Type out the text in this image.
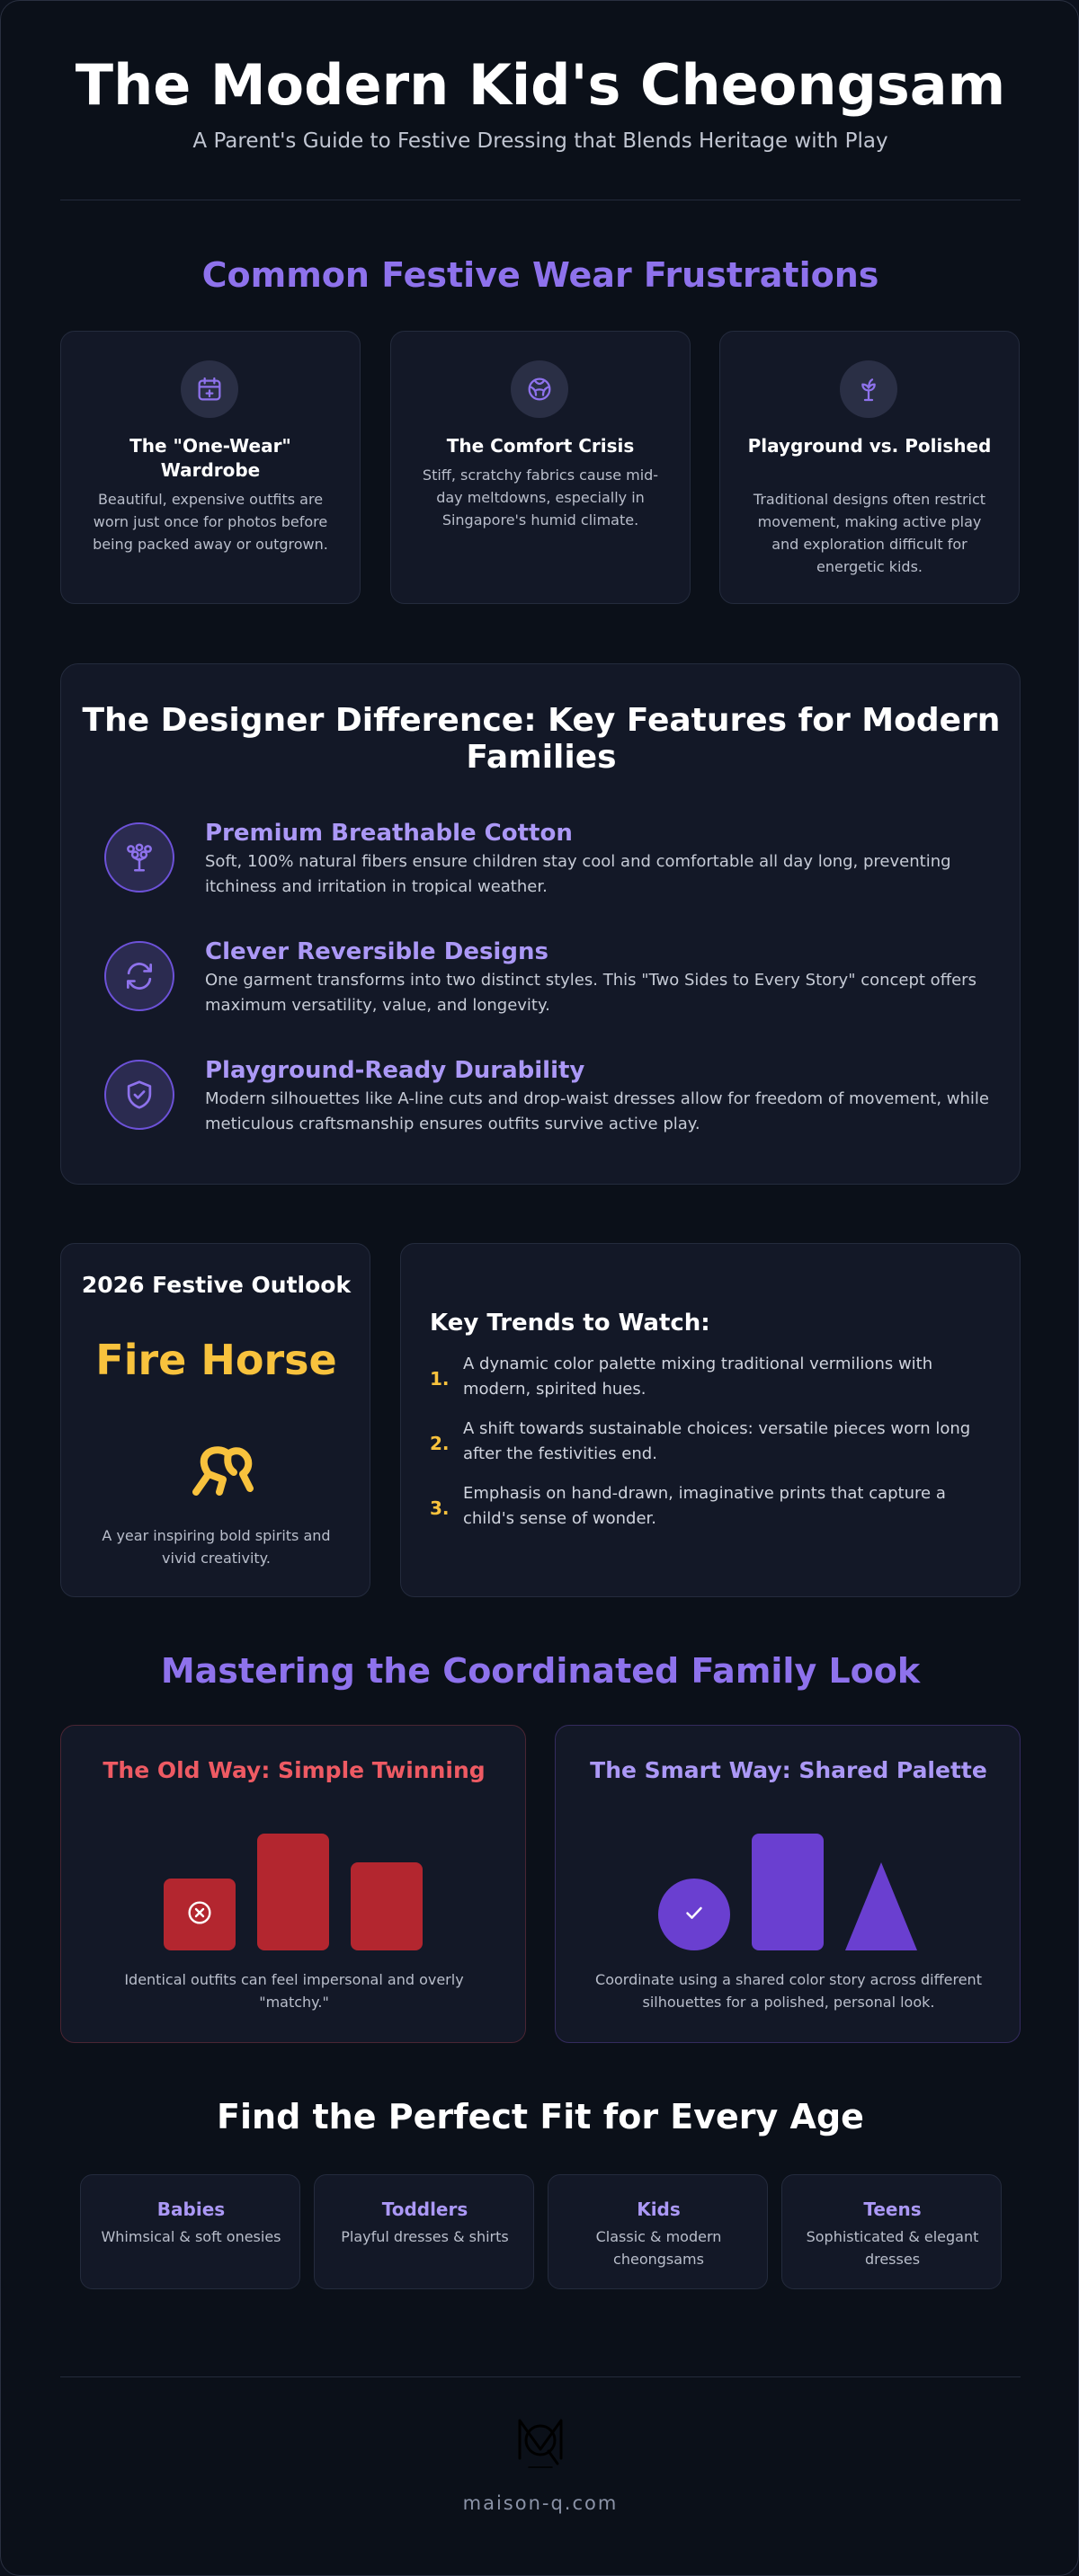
The Modern Kid's Cheongsam
A Parent's Guide to Festive Dressing that Blends Heritage with Play
Common Festive Wear Frustrations
The "One-Wear" Wardrobe
Beautiful, expensive outfits are worn just once for photos before being packed away or outgrown.
The Comfort Crisis
Stiff, scratchy fabrics cause mid-day meltdowns, especially in Singapore's humid climate.
Playground vs. Polished
Traditional designs often restrict movement, making active play and exploration difficult for energetic kids.
The Designer Difference: Key Features for Modern Families
Premium Breathable Cotton
Soft, 100% natural fibers ensure children stay cool and comfortable all day long, preventing itchiness and irritation in tropical weather.
Clever Reversible Designs
One garment transforms into two distinct styles. This "Two Sides to Every Story" concept offers maximum versatility, value, and longevity.
Playground-Ready Durability
Modern silhouettes like A-line cuts and drop-waist dresses allow for freedom of movement, while meticulous craftsmanship ensures outfits survive active play.
2026 Festive Outlook
Fire Horse
A year inspiring bold spirits and vivid creativity.
Key Trends to Watch:
1.
A dynamic color palette mixing traditional vermilions with modern, spirited hues.
2.
A shift towards sustainable choices: versatile pieces worn long after the festivities end.
3.
Emphasis on hand-drawn, imaginative prints that capture a child's sense of wonder.
Mastering the Coordinated Family Look
The Old Way: Simple Twinning
Identical outfits can feel impersonal and overly "matchy."
The Smart Way: Shared Palette
Coordinate using a shared color story across different silhouettes for a polished, personal look.
Find the Perfect Fit for Every Age
Babies
Whimsical & soft onesies
Toddlers
Playful dresses & shirts
Kids
Classic & modern cheongsams
Teens
Sophisticated & elegant dresses
maison-q.com
